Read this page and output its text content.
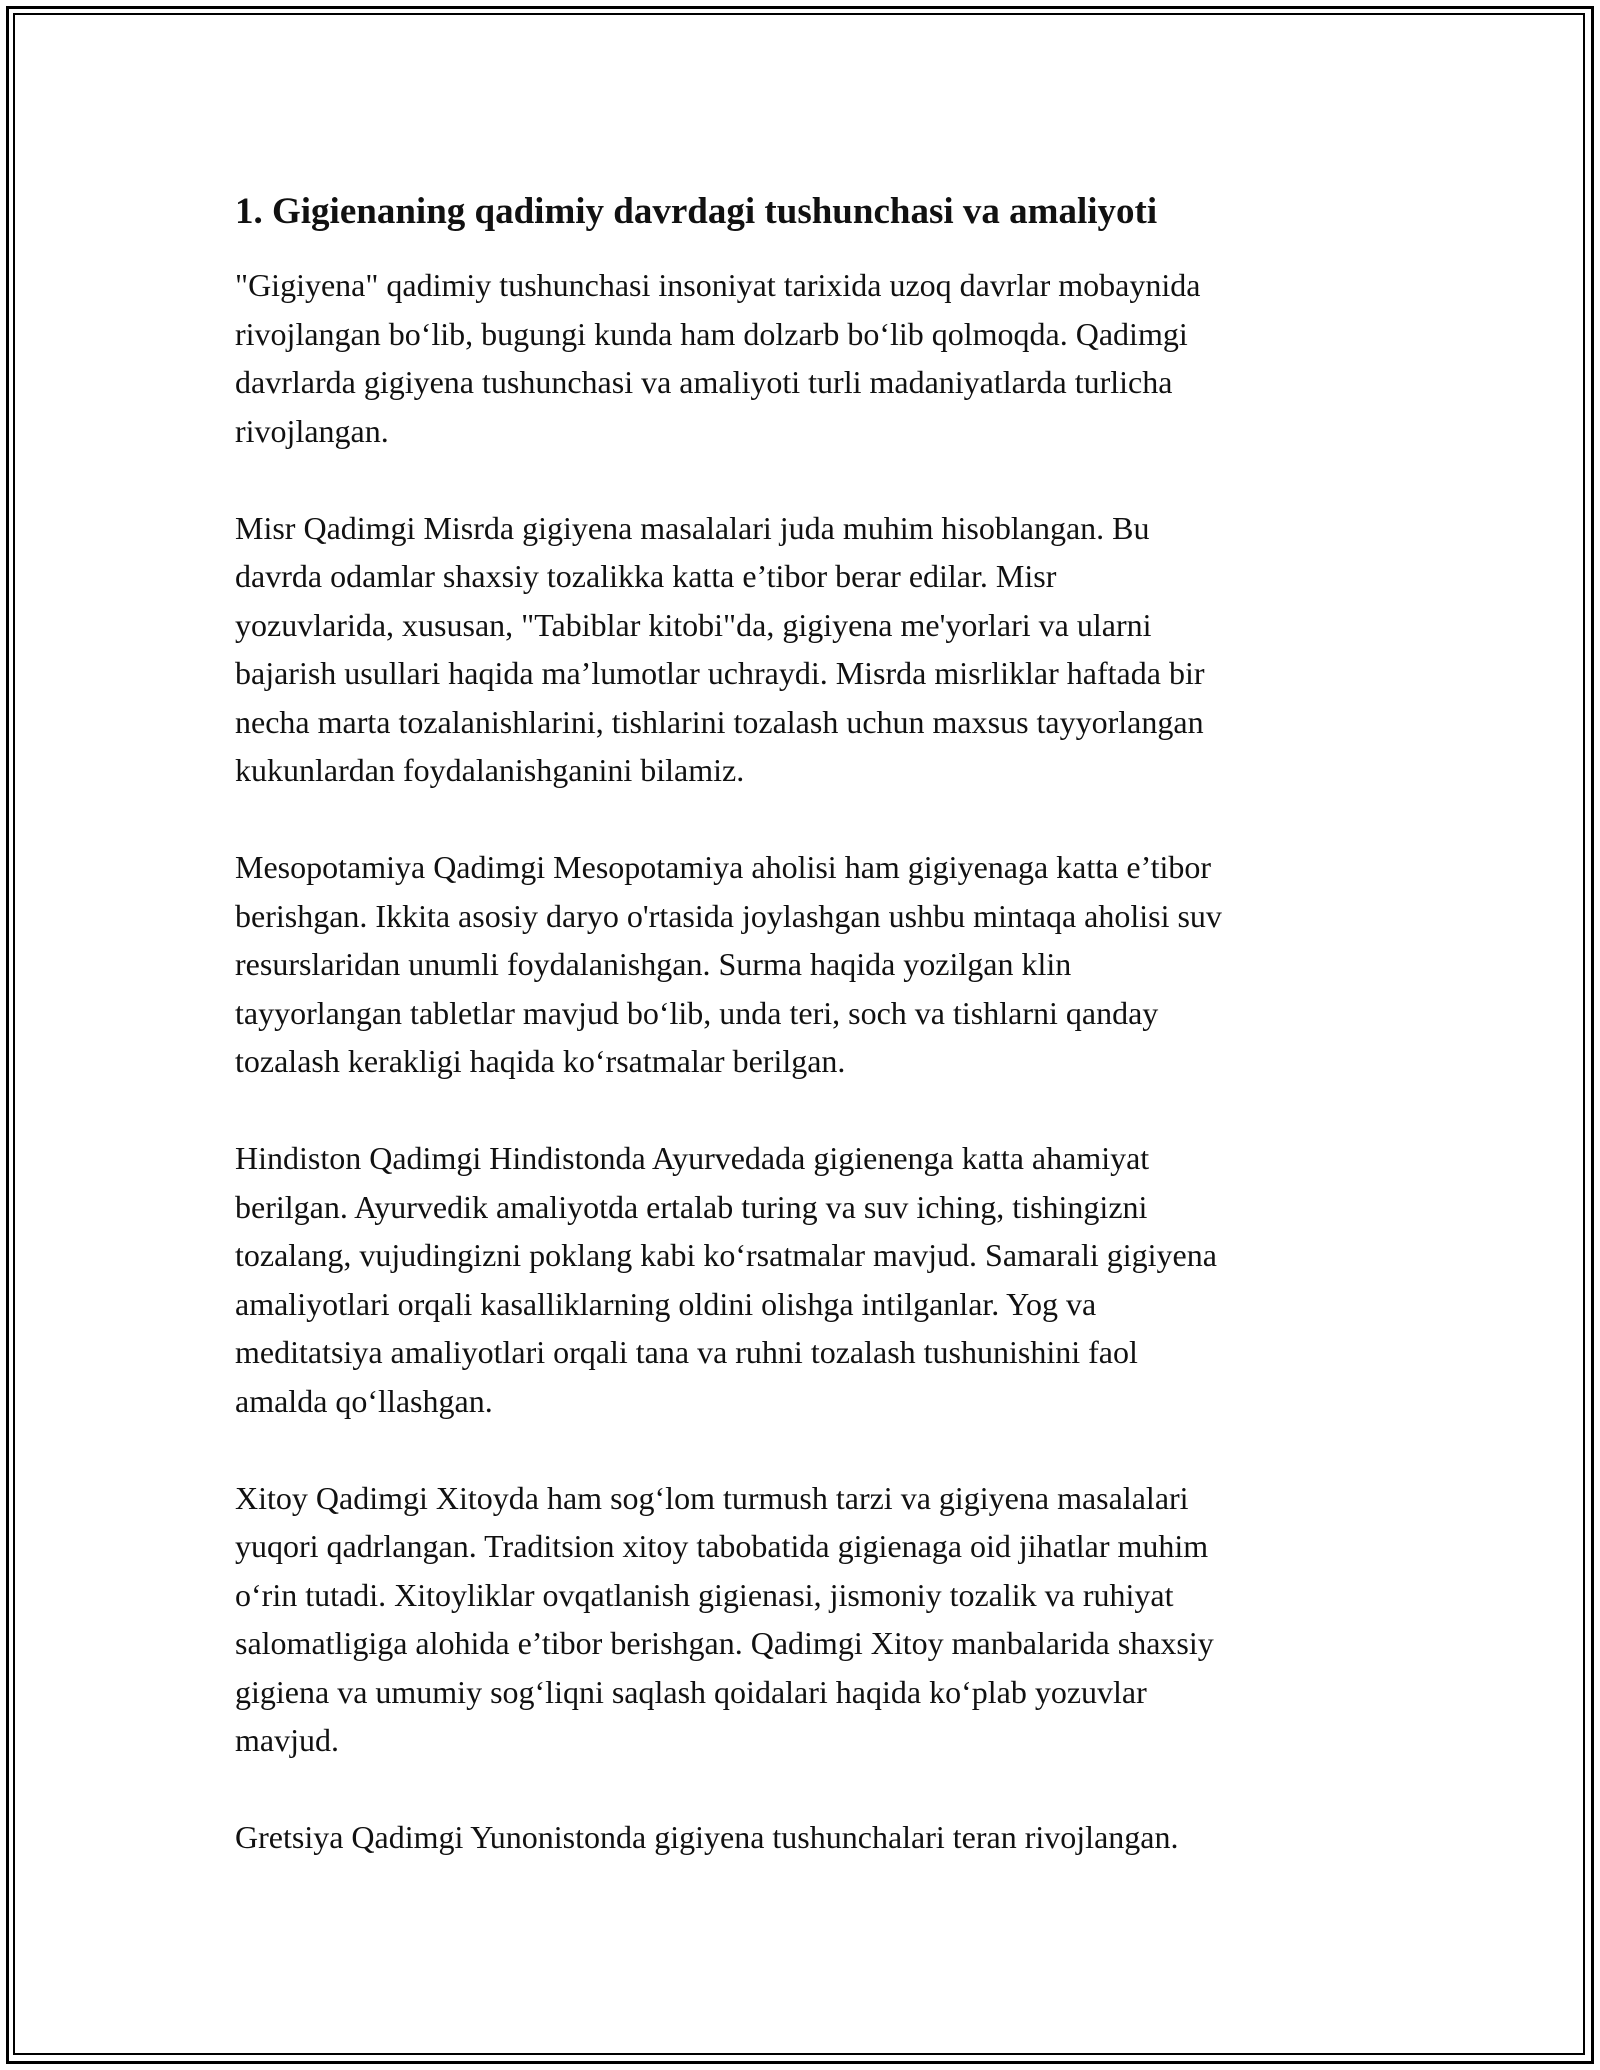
1. Gigienaning qadimiy davrdagi tushunchasi va amaliyoti

"Gigiyena" qadimiy tushunchasi insoniyat tarixida uzoq davrlar mobaynida
rivojlangan bo‘lib, bugungi kunda ham dolzarb bo‘lib qolmoqda. Qadimgi
davrlarda gigiyena tushunchasi va amaliyoti turli madaniyatlarda turlicha
rivojlangan.

Misr Qadimgi Misrda gigiyena masalalari juda muhim hisoblangan. Bu
davrda odamlar shaxsiy tozalikka katta e’tibor berar edilar. Misr
yozuvlarida, xususan, "Tabiblar kitobi"da, gigiyena me'yorlari va ularni
bajarish usullari haqida ma’lumotlar uchraydi. Misrda misrliklar haftada bir
necha marta tozalanishlarini, tishlarini tozalash uchun maxsus tayyorlangan
kukunlardan foydalanishganini bilamiz.

Mesopotamiya Qadimgi Mesopotamiya aholisi ham gigiyenaga katta e’tibor
berishgan. Ikkita asosiy daryo o'rtasida joylashgan ushbu mintaqa aholisi suv
resurslaridan unumli foydalanishgan. Surma haqida yozilgan klin
tayyorlangan tabletlar mavjud bo‘lib, unda teri, soch va tishlarni qanday
tozalash kerakligi haqida ko‘rsatmalar berilgan.

Hindiston Qadimgi Hindistonda Ayurvedada gigienenga katta ahamiyat
berilgan. Ayurvedik amaliyotda ertalab turing va suv iching, tishingizni
tozalang, vujudingizni poklang kabi ko‘rsatmalar mavjud. Samarali gigiyena
amaliyotlari orqali kasalliklarning oldini olishga intilganlar. Yog va
meditatsiya amaliyotlari orqali tana va ruhni tozalash tushunishini faol
amalda qo‘llashgan.

Xitoy Qadimgi Xitoyda ham sog‘lom turmush tarzi va gigiyena masalalari
yuqori qadrlangan. Traditsion xitoy tabobatida gigienaga oid jihatlar muhim
o‘rin tutadi. Xitoyliklar ovqatlanish gigienasi, jismoniy tozalik va ruhiyat
salomatligiga alohida e’tibor berishgan. Qadimgi Xitoy manbalarida shaxsiy
gigiena va umumiy sog‘liqni saqlash qoidalari haqida ko‘plab yozuvlar
mavjud.

Gretsiya Qadimgi Yunonistonda gigiyena tushunchalari teran rivojlangan.
